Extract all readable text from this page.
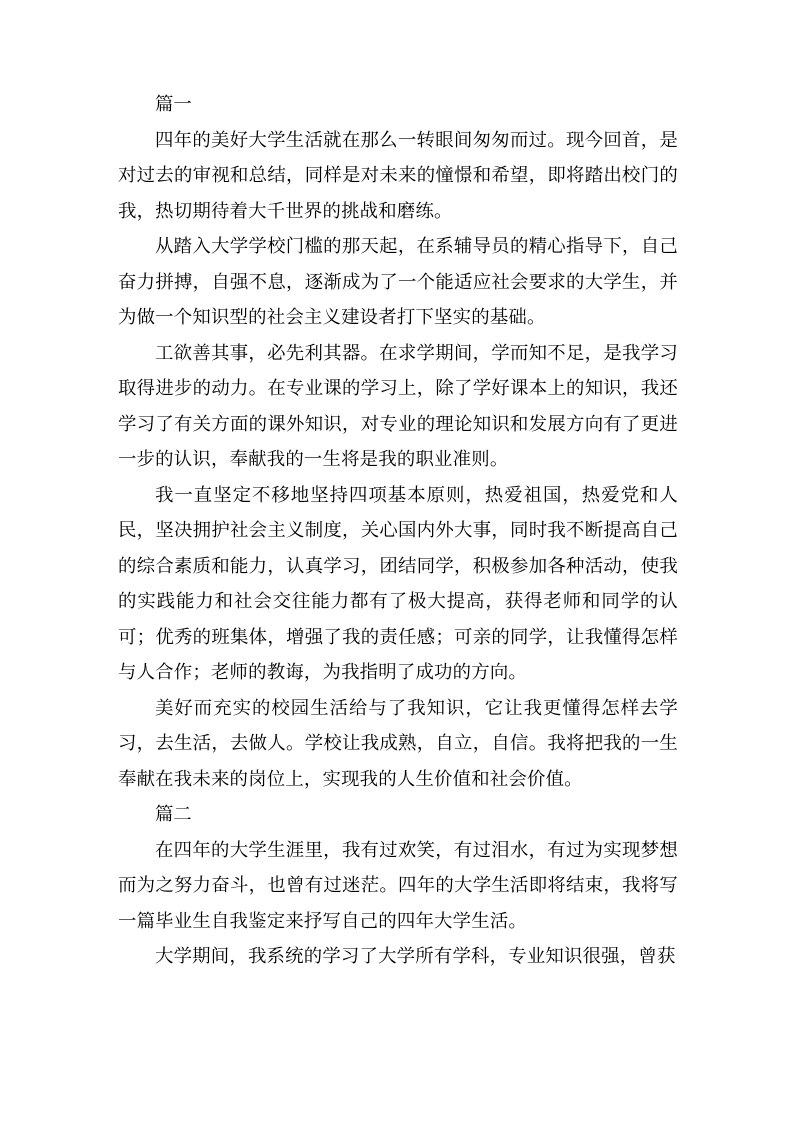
篇一

四年的美好大学生活就在那么一转眼间匆匆而过。现今回首，是对过去的审视和总结，同样是对未来的憧憬和希望，即将踏出校门的我，热切期待着大千世界的挑战和磨练。

从踏入大学学校门槛的那天起，在系辅导员的精心指导下，自己奋力拼搏，自强不息，逐渐成为了一个能适应社会要求的大学生，并为做一个知识型的社会主义建设者打下坚实的基础。

工欲善其事，必先利其器。在求学期间，学而知不足，是我学习取得进步的动力。在专业课的学习上，除了学好课本上的知识，我还学习了有关方面的课外知识，对专业的理论知识和发展方向有了更进一步的认识，奉献我的一生将是我的职业准则。

我一直坚定不移地坚持四项基本原则，热爱祖国，热爱党和人民，坚决拥护社会主义制度，关心国内外大事，同时我不断提高自己的综合素质和能力，认真学习，团结同学，积极参加各种活动，使我的实践能力和社会交往能力都有了极大提高，获得老师和同学的认可；优秀的班集体，增强了我的责任感；可亲的同学，让我懂得怎样与人合作；老师的教诲，为我指明了成功的方向。

美好而充实的校园生活给与了我知识，它让我更懂得怎样去学习，去生活，去做人。学校让我成熟，自立，自信。我将把我的一生奉献在我未来的岗位上，实现我的人生价值和社会价值。

篇二

在四年的大学生涯里，我有过欢笑，有过泪水，有过为实现梦想而为之努力奋斗，也曾有过迷茫。四年的大学生活即将结束，我将写一篇毕业生自我鉴定来抒写自己的四年大学生活。

大学期间，我系统的学习了大学所有学科，专业知识很强，曾获
